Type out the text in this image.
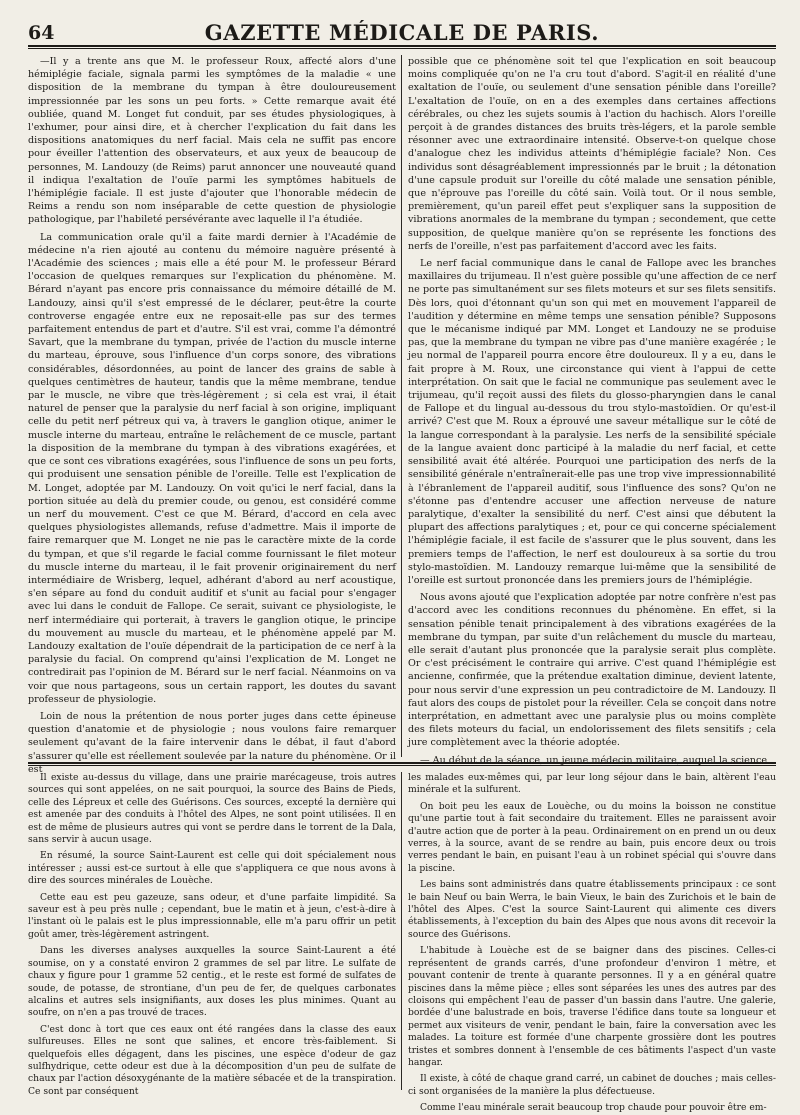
64	GAZETTE MÉDICALE DE PARIS.

—Il y a trente ans que M. le professeur Roux, affecté alors d'une hémiplégie faciale, signala parmi les symptômes de la maladie « une disposition de la membrane du tympan à être douloureusement impressionnée par les sons un peu forts. » Cette remarque avait été oubliée, quand M. Longet fut conduit, par ses études physiologiques, à l'exhumer, pour ainsi dire, et à chercher l'explication du fait dans les dispositions anatomiques du nerf facial. Mais cela ne suffit pas encore pour éveiller l'attention des observateurs, et aux yeux de beaucoup de personnes, M. Landouzy (de Reims) parut annoncer une nouveauté quand il indiqua l'exaltation de l'ouïe parmi les symptômes habituels de l'hémiplégie faciale. Il est juste d'ajouter que l'honorable médecin de Reims a rendu son nom inséparable de cette question de physiologie pathologique, par l'habileté persévérante avec laquelle il l'a étudiée.

La communication orale qu'il a faite mardi dernier à l'Académie de médecine n'a rien ajouté au contenu du mémoire naguère présenté à l'Académie des sciences ; mais elle a été pour M. le professeur Bérard l'occasion de quelques remarques sur l'explication du phénomène. M. Bérard n'ayant pas encore pris connaissance du mémoire détaillé de M. Landouzy, ainsi qu'il s'est empressé de le déclarer, peut-être la courte controverse engagée entre eux ne reposait-elle pas sur des termes parfaitement entendus de part et d'autre. S'il est vrai, comme l'a démontré Savart, que la membrane du tympan, privée de l'action du muscle interne du marteau, éprouve, sous l'influence d'un corps sonore, des vibrations considérables, désordonnées, au point de lancer des grains de sable à quelques centimètres de hauteur, tandis que la même membrane, tendue par le muscle, ne vibre que très-légèrement ; si cela est vrai, il était naturel de penser que la paralysie du nerf facial à son origine, impliquant celle du petit nerf pétreux qui va, à travers le ganglion otique, animer le muscle interne du marteau, entraîne le relâchement de ce muscle, partant la disposition de la membrane du tympan à des vibrations exagérées, et que ce sont ces vibrations exagérées, sous l'influence de sons un peu forts, qui produisent une sensation pénible de l'oreille. Telle est l'explication de M. Longet, adoptée par M. Landouzy. On voit qu'ici le nerf facial, dans la portion située au delà du premier coude, ou genou, est considéré comme un nerf du mouvement. C'est ce que M. Bérard, d'accord en cela avec quelques physiologistes allemands, refuse d'admettre. Mais il importe de faire remarquer que M. Longet ne nie pas le caractère mixte de la corde du tympan, et que s'il regarde le facial comme fournissant le filet moteur du muscle interne du marteau, il le fait provenir originairement du nerf intermédiaire de Wrisberg, lequel, adhérant d'abord au nerf acoustique, s'en sépare au fond du conduit auditif et s'unit au facial pour s'engager avec lui dans le conduit de Fallope. Ce serait, suivant ce physiologiste, le nerf intermédiaire qui porterait, à travers le ganglion otique, le principe du mouvement au muscle du marteau, et le phénomène appelé par M. Landouzy exaltation de l'ouïe dépendrait de la participation de ce nerf à la paralysie du facial. On comprend qu'ainsi l'explication de M. Longet ne contredirait pas l'opinion de M. Bérard sur le nerf facial. Néanmoins on va voir que nous partageons, sous un certain rapport, les doutes du savant professeur de physiologie.

Loin de nous la prétention de nous porter juges dans cette épineuse question d'anatomie et de physiologie ; nous voulons faire remarquer seulement qu'avant de la faire intervenir dans le débat, il faut d'abord s'assurer qu'elle est réellement soulevée par la nature du phénomène. Or il est

possible que ce phénomène soit tel que l'explication en soit beaucoup moins compliquée qu'on ne l'a cru tout d'abord. S'agit-il en réalité d'une exaltation de l'ouïe, ou seulement d'une sensation pénible dans l'oreille? L'exaltation de l'ouïe, on en a des exemples dans certaines affections cérébrales, ou chez les sujets soumis à l'action du hachisch. Alors l'oreille perçoit à de grandes distances des bruits très-légers, et la parole semble résonner avec une extraordinaire intensité. Observe-t-on quelque chose d'analogue chez les individus atteints d'hémiplégie faciale? Non. Ces individus sont désagréablement impressionnés par le bruit ; la détonation d'une capsule produit sur l'oreille du côté malade une sensation pénible, que n'éprouve pas l'oreille du côté sain. Voilà tout. Or il nous semble, premièrement, qu'un pareil effet peut s'expliquer sans la supposition de vibrations anormales de la membrane du tympan ; secondement, que cette supposition, de quelque manière qu'on se représente les fonctions des nerfs de l'oreille, n'est pas parfaitement d'accord avec les faits.

Le nerf facial communique dans le canal de Fallope avec les branches maxillaires du trijumeau. Il n'est guère possible qu'une affection de ce nerf ne porte pas simultanément sur ses filets moteurs et sur ses filets sensitifs. Dès lors, quoi d'étonnant qu'un son qui met en mouvement l'appareil de l'audition y détermine en même temps une sensation pénible? Supposons que le mécanisme indiqué par MM. Longet et Landouzy ne se produise pas, que la membrane du tympan ne vibre pas d'une manière exagérée ; le jeu normal de l'appareil pourra encore être douloureux. Il y a eu, dans le fait propre à M. Roux, une circonstance qui vient à l'appui de cette interprétation. On sait que le facial ne communique pas seulement avec le trijumeau, qu'il reçoit aussi des filets du glosso-pharyngien dans le canal de Fallope et du lingual au-dessous du trou stylo-mastoïdien. Or qu'est-il arrivé? C'est que M. Roux a éprouvé une saveur métallique sur le côté de la langue correspondant à la paralysie. Les nerfs de la sensibilité spéciale de la langue avaient donc participé à la maladie du nerf facial, et cette sensibilité avait été altérée. Pourquoi une participation des nerfs de la sensibilité générale n'entraînerait-elle pas une trop vive impressionnabilité à l'ébranlement de l'appareil auditif, sous l'influence des sons? Qu'on ne s'étonne pas d'entendre accuser une affection nerveuse de nature paralytique, d'exalter la sensibilité du nerf. C'est ainsi que débutent la plupart des affections paralytiques ; et, pour ce qui concerne spécialement l'hémiplégie faciale, il est facile de s'assurer que le plus souvent, dans les premiers temps de l'affection, le nerf est douloureux à sa sortie du trou stylo-mastoïdien. M. Landouzy remarque lui-même que la sensibilité de l'oreille est surtout prononcée dans les premiers jours de l'hémiplégie.

Nous avons ajouté que l'explication adoptée par notre confrère n'est pas d'accord avec les conditions reconnues du phénomène. En effet, si la sensation pénible tenait principalement à des vibrations exagérées de la membrane du tympan, par suite d'un relâchement du muscle du marteau, elle serait d'autant plus prononcée que la paralysie serait plus complète. Or c'est précisément le contraire qui arrive. C'est quand l'hémiplégie est ancienne, confirmée, que la prétendue exaltation diminue, devient latente, pour nous servir d'une expression un peu contradictoire de M. Landouzy. Il faut alors des coups de pistolet pour la réveiller. Cela se conçoit dans notre interprétation, en admettant avec une paralysie plus ou moins complète des filets moteurs du facial, un endolorissement des filets sensitifs ; cela jure complètement avec la théorie adoptée.

— Au début de la séance, un jeune médecin militaire, auquel la science

Il existe au-dessus du village, dans une prairie marécageuse, trois autres sources qui sont appelées, on ne sait pourquoi, la source des Bains de Pieds, celle des Lépreux et celle des Guérisons. Ces sources, excepté la dernière qui est amenée par des conduits à l'hôtel des Alpes, ne sont point utilisées. Il en est de même de plusieurs autres qui vont se perdre dans le torrent de la Dala, sans servir à aucun usage.

En résumé, la source Saint-Laurent est celle qui doit spécialement nous intéresser ; aussi est-ce surtout à elle que s'appliquera ce que nous avons à dire des sources minérales de Louèche.

Cette eau est peu gazeuze, sans odeur, et d'une parfaite limpidité. Sa saveur est à peu près nulle ; cependant, bue le matin et à jeun, c'est-à-dire à l'instant où le palais est le plus impressionnable, elle m'a paru offrir un petit goût amer, très-légèrement astringent.

Dans les diverses analyses auxquelles la source Saint-Laurent a été soumise, on y a constaté environ 2 grammes de sel par litre. Le sulfate de chaux y figure pour 1 gramme 52 centig., et le reste est formé de sulfates de soude, de potasse, de strontiane, d'un peu de fer, de quelques carbonates alcalins et autres sels insignifiants, aux doses les plus minimes. Quant au soufre, on n'en a pas trouvé de traces.

C'est donc à tort que ces eaux ont été rangées dans la classe des eaux sulfureuses. Elles ne sont que salines, et encore très-faiblement. Si quelquefois elles dégagent, dans les piscines, une espèce d'odeur de gaz sulfhydrique, cette odeur est due à la décomposition d'un peu de sulfate de chaux par l'action désoxygénante de la matière sébacée et de la transpiration. Ce sont par conséquent

les malades eux-mêmes qui, par leur long séjour dans le bain, altèrent l'eau minérale et la sulfurent.

On boit peu les eaux de Louèche, ou du moins la boisson ne constitue qu'une partie tout à fait secondaire du traitement. Elles ne paraissent avoir d'autre action que de porter à la peau. Ordinairement on en prend un ou deux verres, à la source, avant de se rendre au bain, puis encore deux ou trois verres pendant le bain, en puisant l'eau à un robinet spécial qui s'ouvre dans la piscine.

Les bains sont administrés dans quatre établissements principaux : ce sont le bain Neuf ou bain Werra, le bain Vieux, le bain des Zurichois et le bain de l'hôtel des Alpes. C'est la source Saint-Laurent qui alimente ces divers établissements, à l'exception du bain des Alpes que nous avons dit recevoir la source des Guérisons.

L'habitude à Louèche est de se baigner dans des piscines. Celles-ci représentent de grands carrés, d'une profondeur d'environ 1 mètre, et pouvant contenir de trente à quarante personnes. Il y a en général quatre piscines dans la même pièce ; elles sont séparées les unes des autres par des cloisons qui empêchent l'eau de passer d'un bassin dans l'autre. Une galerie, bordée d'une balustrade en bois, traverse l'édifice dans toute sa longueur et permet aux visiteurs de venir, pendant le bain, faire la conversation avec les malades. La toiture est formée d'une charpente grossière dont les poutres tristes et sombres donnent à l'ensemble de ces bâtiments l'aspect d'un vaste hangar.

Il existe, à côté de chaque grand carré, un cabinet de douches ; mais celles-ci sont organisées de la manière la plus défectueuse.

Comme l'eau minérale serait beaucoup trop chaude pour pouvoir être em-
